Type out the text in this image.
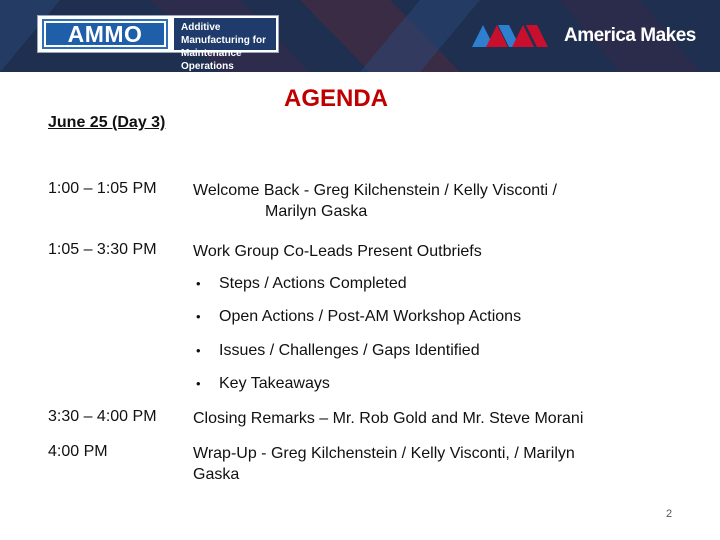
AMMO	Additive Manufacturing for
Maintenance Operations
America Makes
AGENDA
June 25 (Day 3)
1:00 – 1:05 PM Welcome Back - Greg Kilchenstein / Kelly Visconti /
Marilyn Gaska
1:05 – 3:30 PM Work Group Co-Leads Present Outbriefs
• Steps / Actions Completed
• Open Actions / Post-AM Workshop Actions
• Issues / Challenges / Gaps Identified
• Key Takeaways
3:30 – 4:00 PM Closing Remarks – Mr. Rob Gold and Mr. Steve Morani
4:00 PM	Wrap-Up - Greg Kilchenstein / Kelly Visconti, / Marilyn
Gaska
2
